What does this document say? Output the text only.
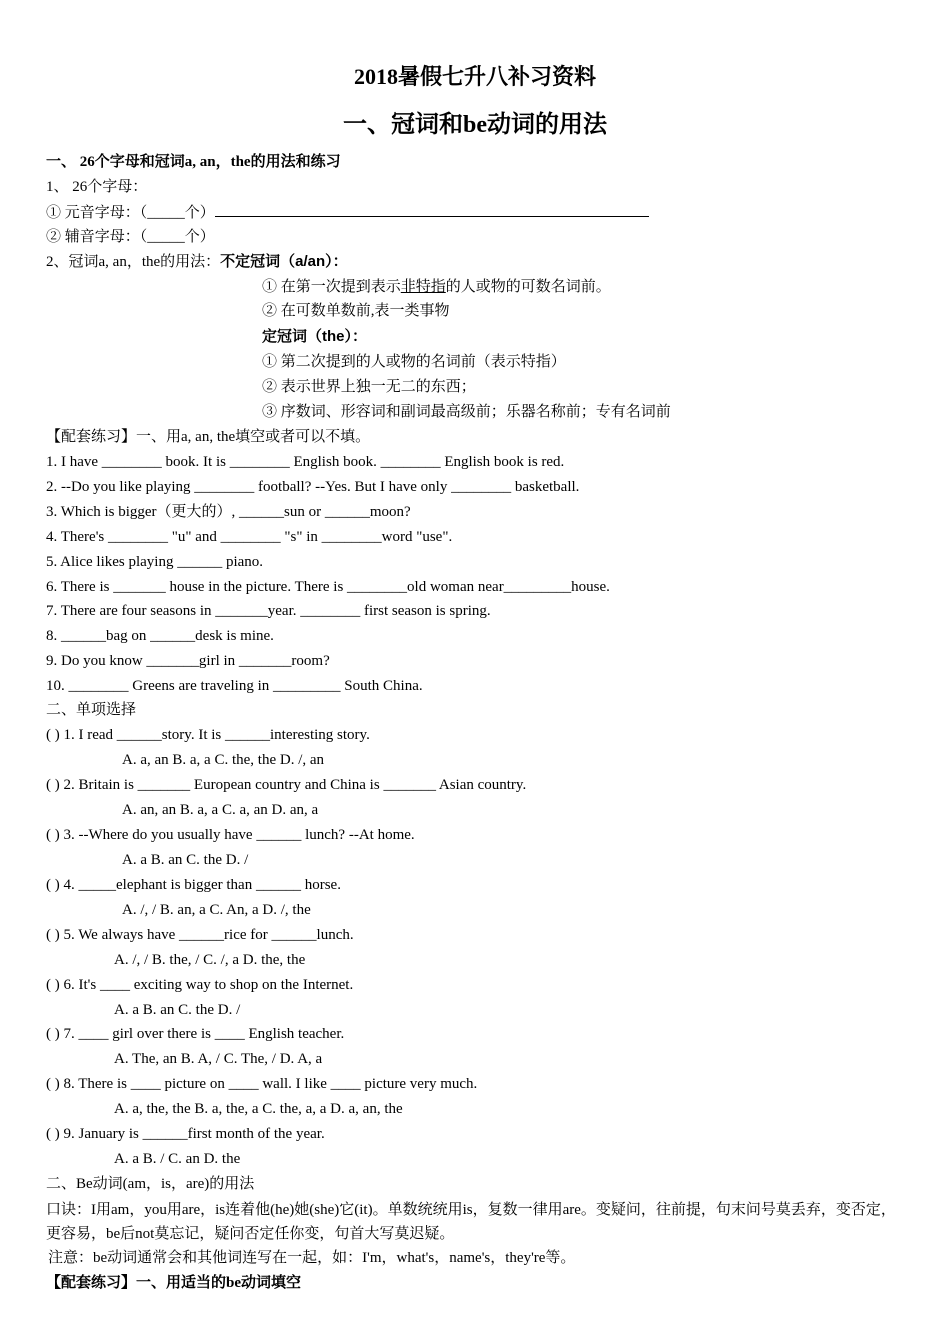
2018暑假七升八补习资料
一、冠词和be动词的用法
一、 26个字母和冠词a, an，the的用法和练习
1、 26个字母：
① 元音字母：（_____个）
② 辅音字母：（_____个）
2、冠词a, an，the的用法：不定冠词（a/an）：
① 在第一次提到表示非特指的人或物的可数名词前。
② 在可数单数前,表一类事物
定冠词（the）：
① 第二次提到的人或物的名词前（表示特指）
② 表示世界上独一无二的东西；
③ 序数词、形容词和副词最高级前；乐器名称前；专有名词前
【配套练习】一、用a, an, the填空或者可以不填。
1. I have ________ book. It is ________ English book. ________ English book is red.
2. --Do you like playing ________ football? --Yes. But I have only ________ basketball.
3. Which is bigger（更大的）, ______sun or ______moon?
4. There's ________ "u" and ________ "s" in ________word "use".
5. Alice likes playing ______ piano.
6. There is _______ house in the picture. There is ________old woman near_________house.
7. There are four seasons in _______year. ________ first season is spring.
8. ______bag on ______desk is mine.
9. Do you know _______girl in _______room?
10. ________ Greens are traveling in _________ South China.
二、单项选择
( ) 1. I read ______story. It is ______interesting story.
A. a, an B. a, a C. the, the D. /, an
( ) 2. Britain is _______ European country and China is _______ Asian country.
A. an, an B. a, a C. a, an D. an, a
( ) 3. --Where do you usually have ______ lunch? --At home.
A. a B. an C. the D. /
( ) 4. _____elephant is bigger than ______ horse.
A. /, / B. an, a C. An, a D. /, the
( ) 5. We always have ______rice for ______lunch.
A. /, / B. the, / C. /, a D. the, the
( ) 6. It's ____ exciting way to shop on the Internet.
A. a B. an C. the D. /
( ) 7. ____ girl over there is ____ English teacher.
A. The, an B. A, / C. The, / D. A, a
( ) 8. There is ____ picture on ____ wall. I like ____ picture very much.
A. a, the, the B. a, the, a C. the, a, a D. a, an, the
( ) 9. January is ______first month of the year.
A. a B. / C. an D. the
二、Be动词(am，is，are)的用法
口诀：I用am，you用are，is连着他(he)她(she)它(it)。单数统统用is，复数一律用are。变疑问，往前提，句末问号莫丢弃，变否定，更容易，be后not莫忘记，疑问否定任你变，句首大写莫迟疑。
注意：be动词通常会和其他词连写在一起，如：I'm，what's，name's，they're等。
【配套练习】一、用适当的be动词填空
